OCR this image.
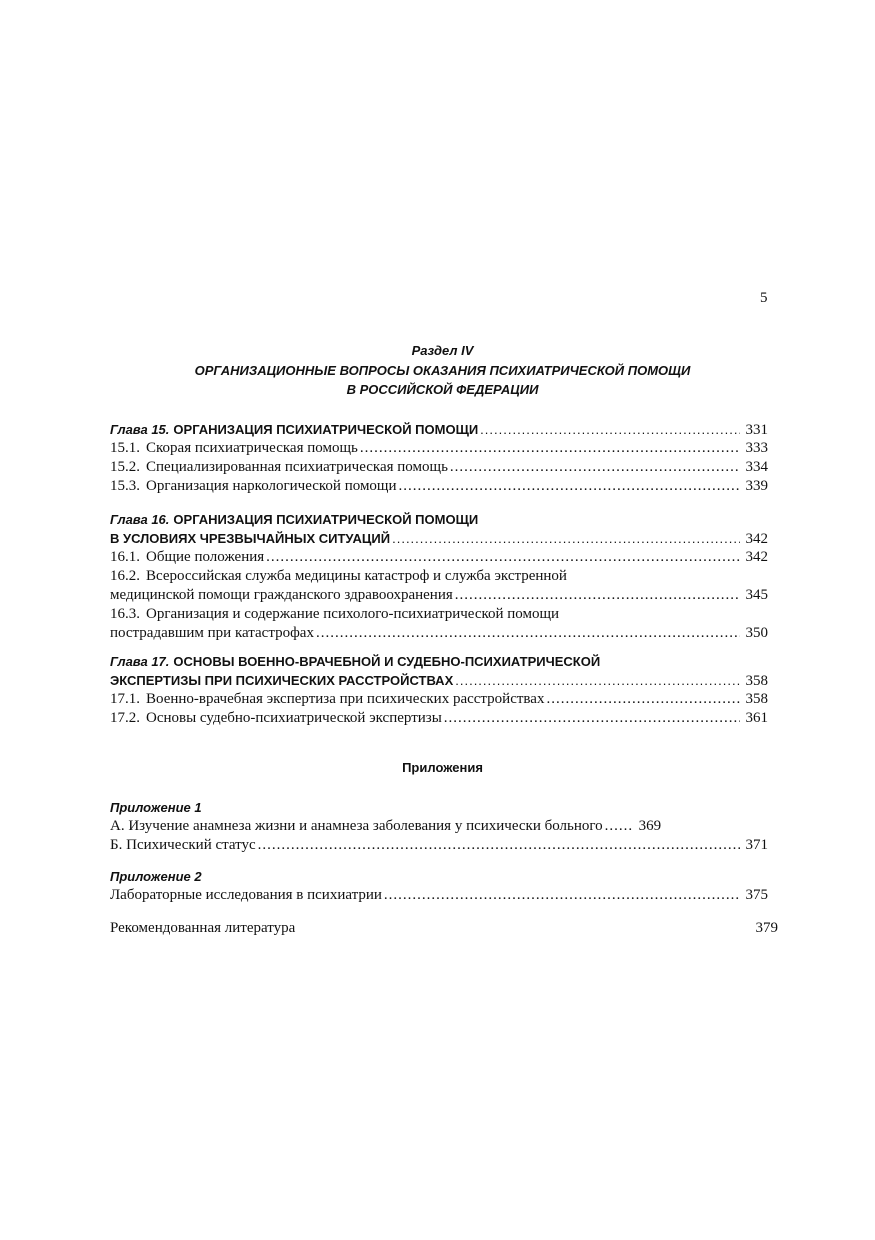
5
Раздел IV
ОРГАНИЗАЦИОННЫЕ ВОПРОСЫ ОКАЗАНИЯ ПСИХИАТРИЧЕСКОЙ ПОМОЩИ
В РОССИЙСКОЙ ФЕДЕРАЦИИ
Глава 15. ОРГАНИЗАЦИЯ ПСИХИАТРИЧЕСКОЙ ПОМОЩИ .....	331
15.1. Скорая психиатрическая помощь .....	333
15.2. Специализированная психиатрическая помощь .....	334
15.3. Организация наркологической помощи .....	339
Глава 16. ОРГАНИЗАЦИЯ ПСИХИАТРИЧЕСКОЙ ПОМОЩИ
В УСЛОВИЯХ ЧРЕЗВЫЧАЙНЫХ СИТУАЦИЙ .....	342
16.1. Общие положения .....	342
16.2. Всероссийская служба медицины катастроф и служба экстренной
медицинской помощи гражданского здравоохранения .....	345
16.3. Организация и содержание психолого-психиатрической помощи
пострадавшим при катастрофах .....	350
Глава 17. ОСНОВЫ ВОЕННО-ВРАЧЕБНОЙ И СУДЕБНО-ПСИХИАТРИЧЕСКОЙ
ЭКСПЕРТИЗЫ ПРИ ПСИХИЧЕСКИХ РАССТРОЙСТВАХ .....	358
17.1. Военно-врачебная экспертиза при психических расстройствах .....	358
17.2. Основы судебно-психиатрической экспертизы .....	361
Приложения
Приложение 1
А. Изучение анамнеза жизни и анамнеза заболевания у психически больного ..... 369
Б. Психический статус .....	371
Приложение 2
Лабораторные исследования в психиатрии .....	375
Рекомендованная литература	379
